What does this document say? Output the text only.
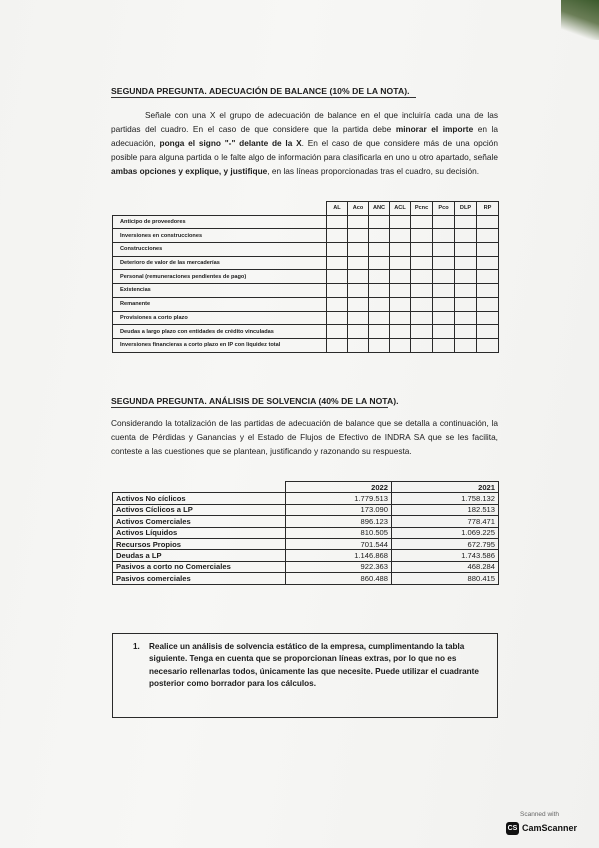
SEGUNDA PREGUNTA. ADECUACIÓN DE BALANCE (10% DE LA NOTA).
Señale con una X el grupo de adecuación de balance en el que incluiría cada una de las partidas del cuadro. En el caso de que considere que la partida debe minorar el importe en la adecuación, ponga el signo "-" delante de la X. En el caso de que considere más de una opción posible para alguna partida o le falte algo de información para clasificarla en uno u otro apartado, señale ambas opciones y explique, y justifique, en las líneas proporcionadas tras el cuadro, su decisión.
	AL	Aco	ANC	ACL	Pcnc	Pco	DLP	RP
Anticipo de proveedores								
Inversiones en construcciones								
Construcciones								
Deterioro de valor de las mercaderías								
Personal (remuneraciones pendientes de pago)								
Existencias								
Remanente								
Provisiones a corto plazo								
Deudas a largo plazo con entidades de crédito vinculadas								
Inversiones financieras a corto plazo en IP con liquidez total								
SEGUNDA PREGUNTA. ANÁLISIS DE SOLVENCIA (40% DE LA NOTA).
Considerando la totalización de las partidas de adecuación de balance que se detalla a continuación, la cuenta de Pérdidas y Ganancias y el Estado de Flujos de Efectivo de INDRA SA que se les facilita, conteste a las cuestiones que se plantean, justificando y razonando su respuesta.
	2022	2021
Activos No cíclicos	1.779.513	1.758.132
Activos Cíclicos a LP	173.090	182.513
Activos Comerciales	896.123	778.471
Activos Líquidos	810.505	1.069.225
Recursos Propios	701.544	672.795
Deudas a LP	1.146.868	1.743.586
Pasivos a corto no Comerciales	922.363	468.284
Pasivos comerciales	860.488	880.415
1. Realice un análisis de solvencia estático de la empresa, cumplimentando la tabla siguiente. Tenga en cuenta que se proporcionan líneas extras, por lo que no es necesario rellenarlas todos, únicamente las que necesite. Puede utilizar el cuadrante posterior como borrador para los cálculos.
Scanned with
CS CamScanner
